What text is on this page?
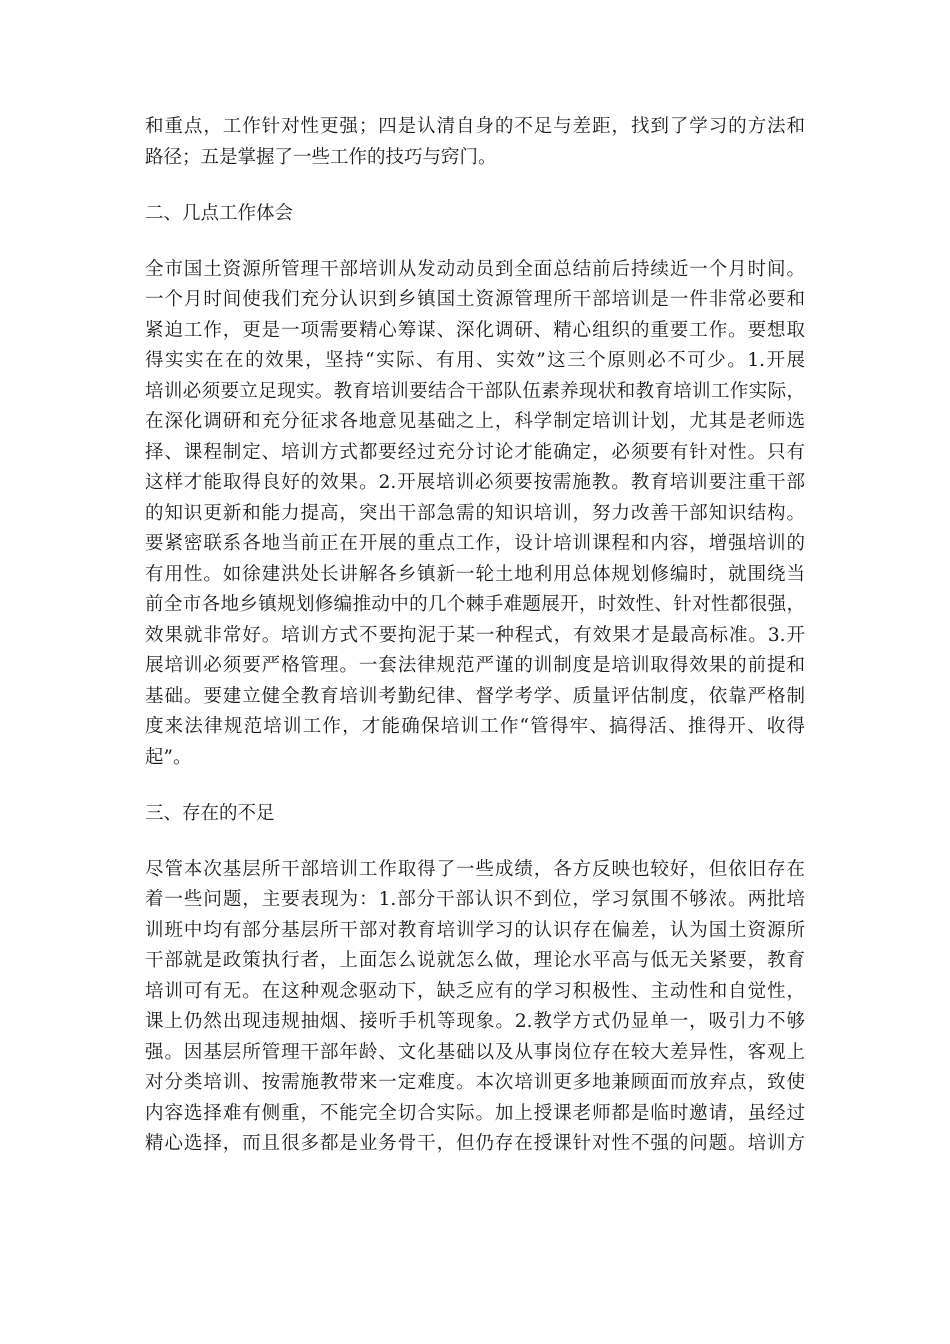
和重点，工作针对性更强；四是认清自身的不足与差距，找到了学习的方法和
路径；五是掌握了一些工作的技巧与窍门。
二、几点工作体会
全市国土资源所管理干部培训从发动动员到全面总结前后持续近一个月时间。
一个月时间使我们充分认识到乡镇国土资源管理所干部培训是一件非常必要和
紧迫工作，更是一项需要精心筹谋、深化调研、精心组织的重要工作。要想取
得实实在在的效果，坚持“实际、有用、实效”这三个原则必不可少。1.开展
培训必须要立足现实。教育培训要结合干部队伍素养现状和教育培训工作实际，
在深化调研和充分征求各地意见基础之上，科学制定培训计划，尤其是老师选
择、课程制定、培训方式都要经过充分讨论才能确定，必须要有针对性。只有
这样才能取得良好的效果。2.开展培训必须要按需施教。教育培训要注重干部
的知识更新和能力提高，突出干部急需的知识培训，努力改善干部知识结构。
要紧密联系各地当前正在开展的重点工作，设计培训课程和内容，增强培训的
有用性。如徐建洪处长讲解各乡镇新一轮土地利用总体规划修编时，就围绕当
前全市各地乡镇规划修编推动中的几个棘手难题展开，时效性、针对性都很强，
效果就非常好。培训方式不要拘泥于某一种程式，有效果才是最高标准。3.开
展培训必须要严格管理。一套法律规范严谨的训制度是培训取得效果的前提和
基础。要建立健全教育培训考勤纪律、督学考学、质量评估制度，依靠严格制
度来法律规范培训工作，才能确保培训工作“管得牢、搞得活、推得开、收得
起”。
三、存在的不足
尽管本次基层所干部培训工作取得了一些成绩，各方反映也较好，但依旧存在
着一些问题，主要表现为：1.部分干部认识不到位，学习氛围不够浓。两批培
训班中均有部分基层所干部对教育培训学习的认识存在偏差，认为国土资源所
干部就是政策执行者，上面怎么说就怎么做，理论水平高与低无关紧要，教育
培训可有无。在这种观念驱动下，缺乏应有的学习积极性、主动性和自觉性，
课上仍然出现违规抽烟、接听手机等现象。2.教学方式仍显单一，吸引力不够
强。因基层所管理干部年龄、文化基础以及从事岗位存在较大差异性，客观上
对分类培训、按需施教带来一定难度。本次培训更多地兼顾面而放弃点，致使
内容选择难有侧重，不能完全切合实际。加上授课老师都是临时邀请，虽经过
精心选择，而且很多都是业务骨干，但仍存在授课针对性不强的问题。培训方
